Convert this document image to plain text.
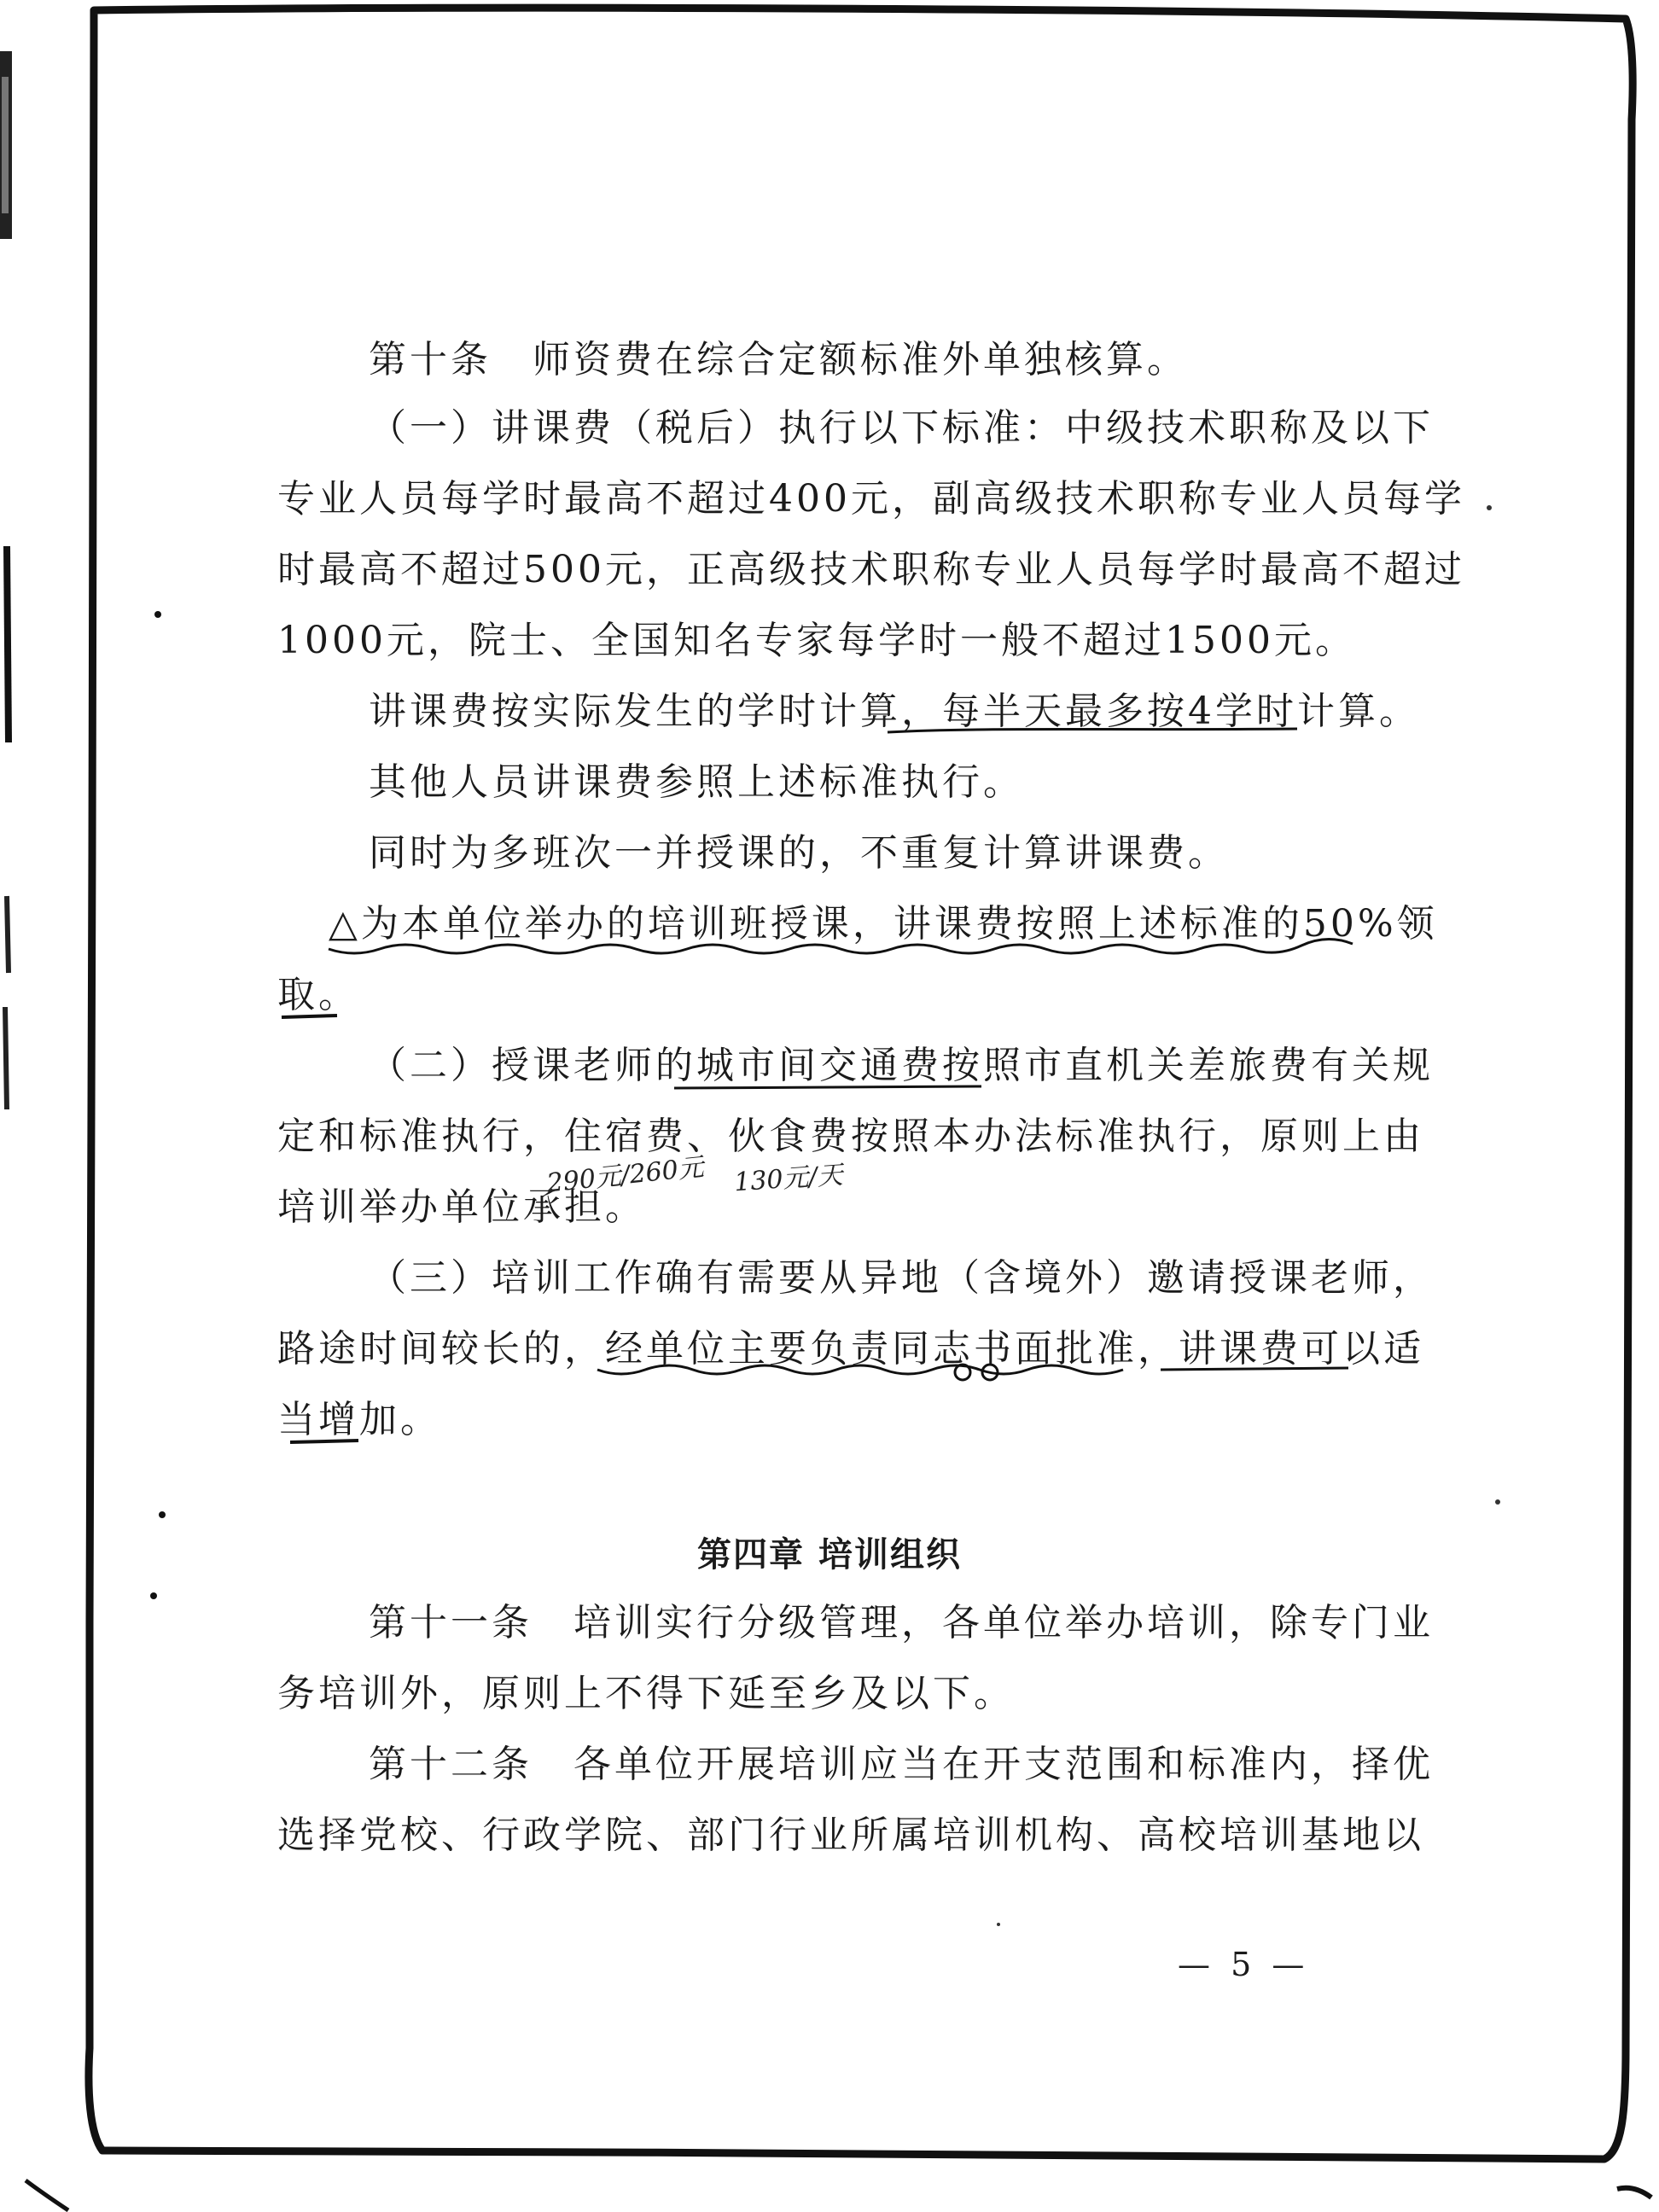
第十条　师资费在综合定额标准外单独核算。
（一）讲课费（税后）执行以下标准：中级技术职称及以下
专业人员每学时最高不超过400元，副高级技术职称专业人员每学
时最高不超过500元，正高级技术职称专业人员每学时最高不超过
1000元，院士、全国知名专家每学时一般不超过1500元。
讲课费按实际发生的学时计算，每半天最多按4学时计算。
其他人员讲课费参照上述标准执行。
同时为多班次一并授课的，不重复计算讲课费。
△为本单位举办的培训班授课，讲课费按照上述标准的50%领
取。
（二）授课老师的城市间交通费按照市直机关差旅费有关规
定和标准执行，住宿费、伙食费按照本办法标准执行，原则上由
培训举办单位承担。
（三）培训工作确有需要从异地（含境外）邀请授课老师，
路途时间较长的，经单位主要负责同志书面批准，讲课费可以适
当增加。
第四章 培训组织
第十一条　培训实行分级管理，各单位举办培训，除专门业
务培训外，原则上不得下延至乡及以下。
第十二条　各单位开展培训应当在开支范围和标准内，择优
选择党校、行政学院、部门行业所属培训机构、高校培训基地以
290元/260元 130元/天
— 5 —
